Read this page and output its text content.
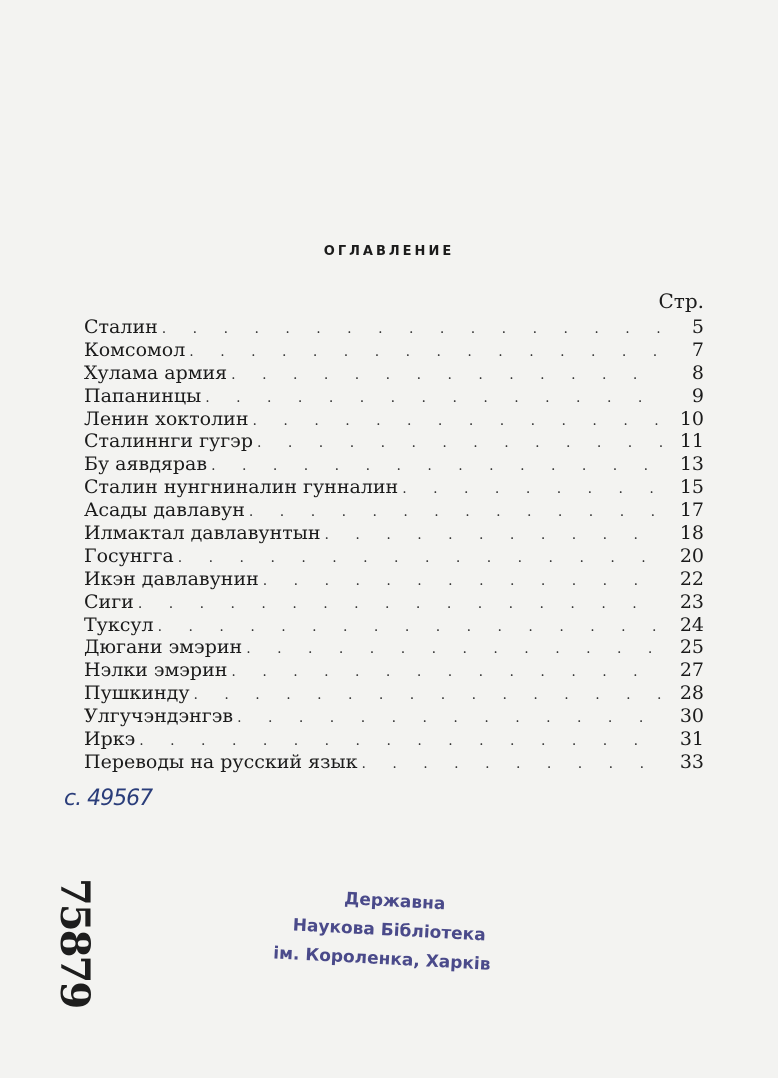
ОГЛАВЛЕНИЕ
Стр.
Сталин . . .	5
Комсомол . . .	7
Хулама армия . . .	8
Папанинцы . . .	9
Ленин хоктолин . . .	10
Сталиннги гугэр . . .	11
Бу аявдярав . . .	13
Сталин нунгниналин гунналин . . .	15
Асады давлавун . . .	17
Илмактал давлавунтын . . .	18
Госунгга . . .	20
Икэн давлавунин . . .	22
Сиги . . .	23
Туксул . . .	24
Дюгани эмэрин . . .	25
Нэлки эмэрин . . .	27
Пушкинду . . .	28
Улгучэндэнгэв . . .	30
Иркэ . . .	31
Переводы на русский язык . . .	33
с. 49567
75879	Державна
Наукова Бібліотека
ім. Короленка, Харків
